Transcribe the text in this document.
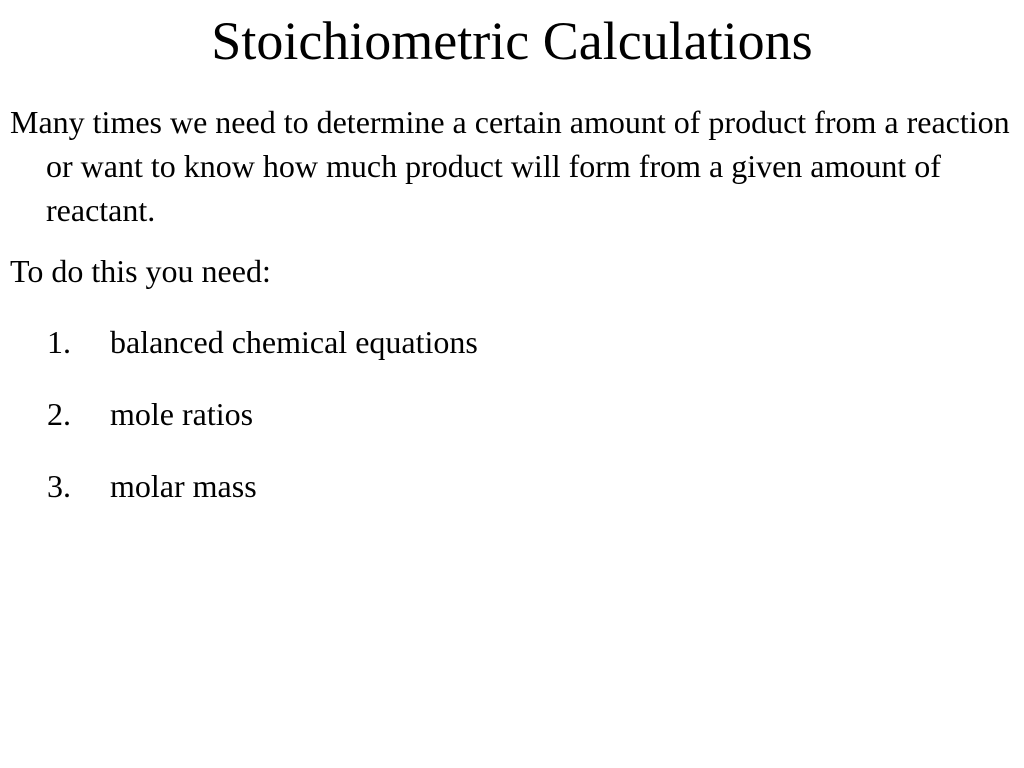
Stoichiometric Calculations

Many times we need to determine a certain amount of product from a reaction or want to know how much product will form from a given amount of reactant.

To do this you need:

1. balanced chemical equations
2. mole ratios
3. molar mass
